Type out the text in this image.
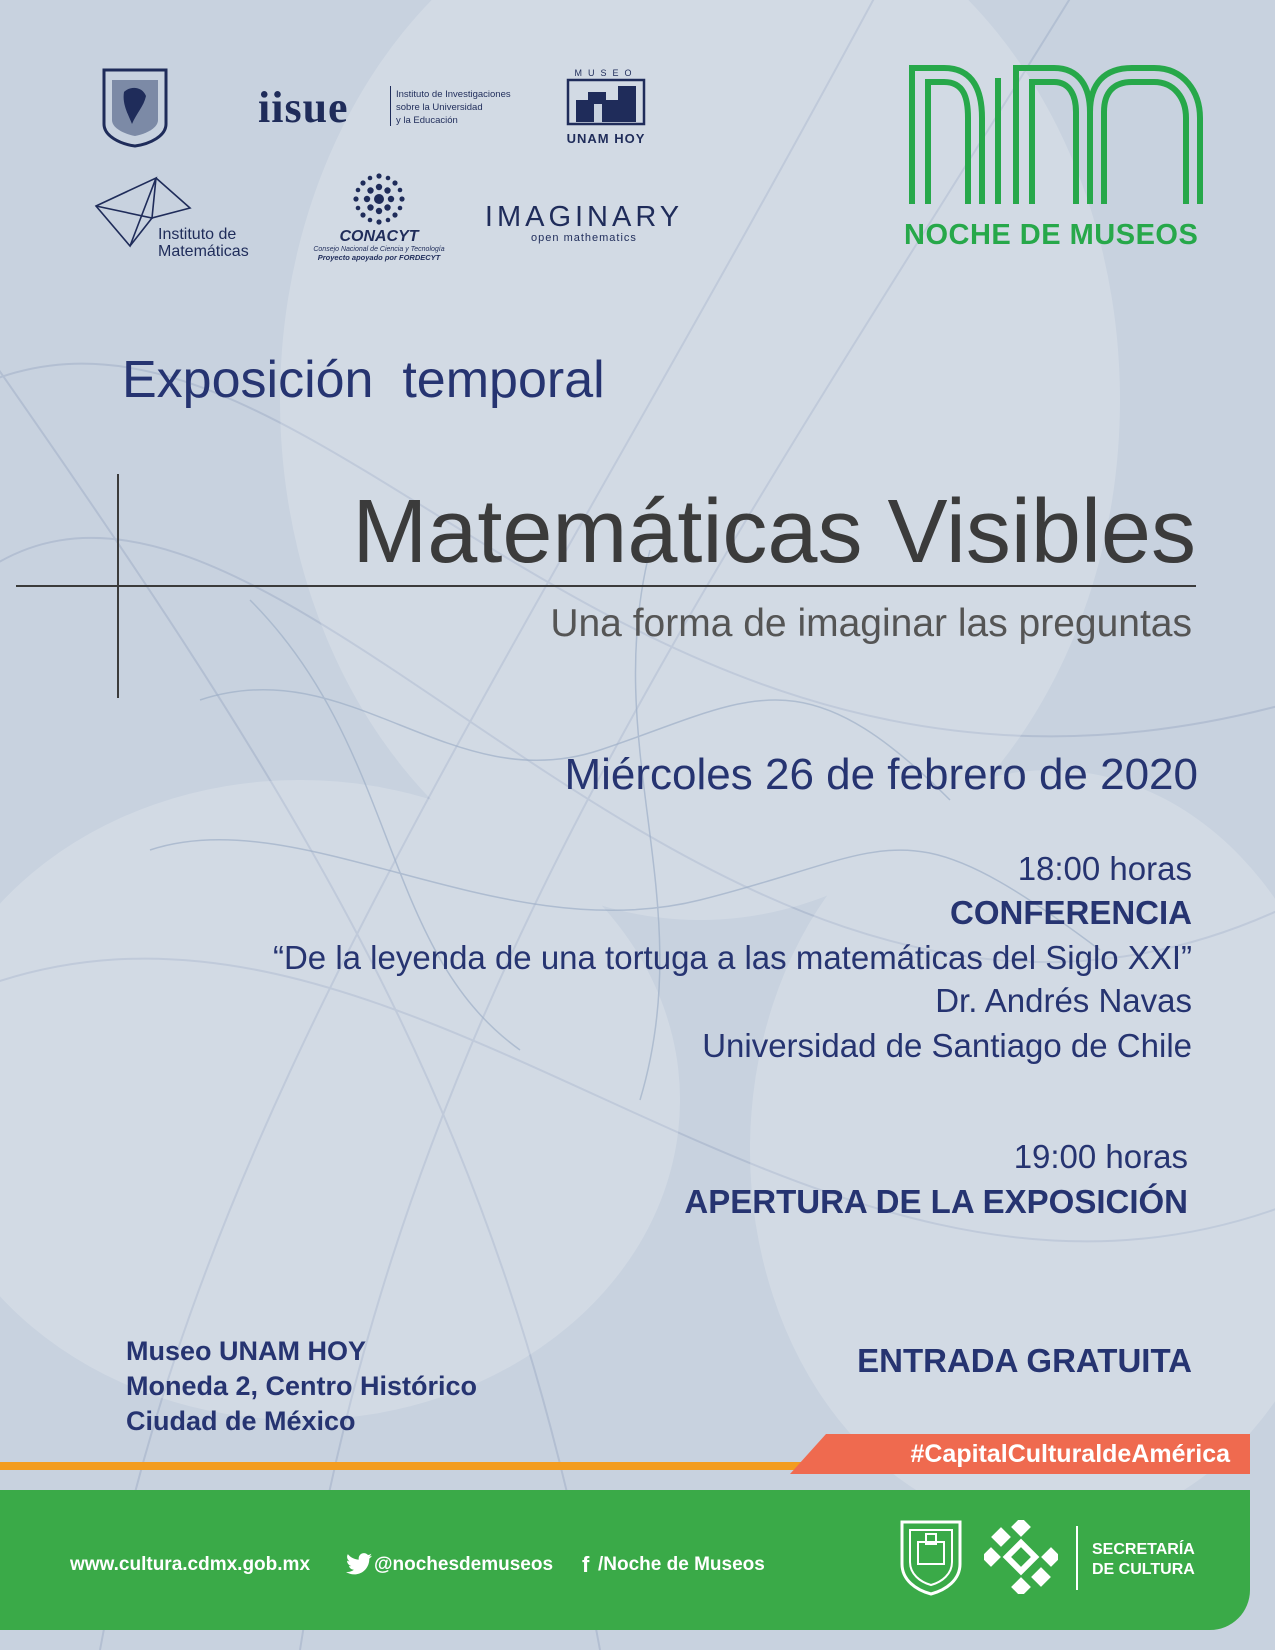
iisue	Instituto de Investigaciones
sobre la Universidad
y la Educación
MUSEO
UNAM HOY
Instituto de
Matemáticas
CONACYT
Consejo Nacional de Ciencia y Tecnología
Proyecto apoyado por FORDECYT
IMAGINARY
open mathematics	NOCHE DE MUSEOS
Exposición  temporal
Matemáticas Visibles
Una forma de imaginar las preguntas
Miércoles 26 de febrero de 2020
18:00 horas
CONFERENCIA
“De la leyenda de una tortuga a las matemáticas del Siglo XXI”
Dr. Andrés Navas
Universidad de Santiago de Chile
19:00 horas
APERTURA DE LA EXPOSICIÓN
Museo UNAM HOY
Moneda 2, Centro Histórico
Ciudad de México
ENTRADA GRATUITA
#CapitalCulturaldeAmérica
www.cultura.cdmx.gob.mx	@nochesdemuseos f /Noche de Museos
SECRETARÍA
DE CULTURA
